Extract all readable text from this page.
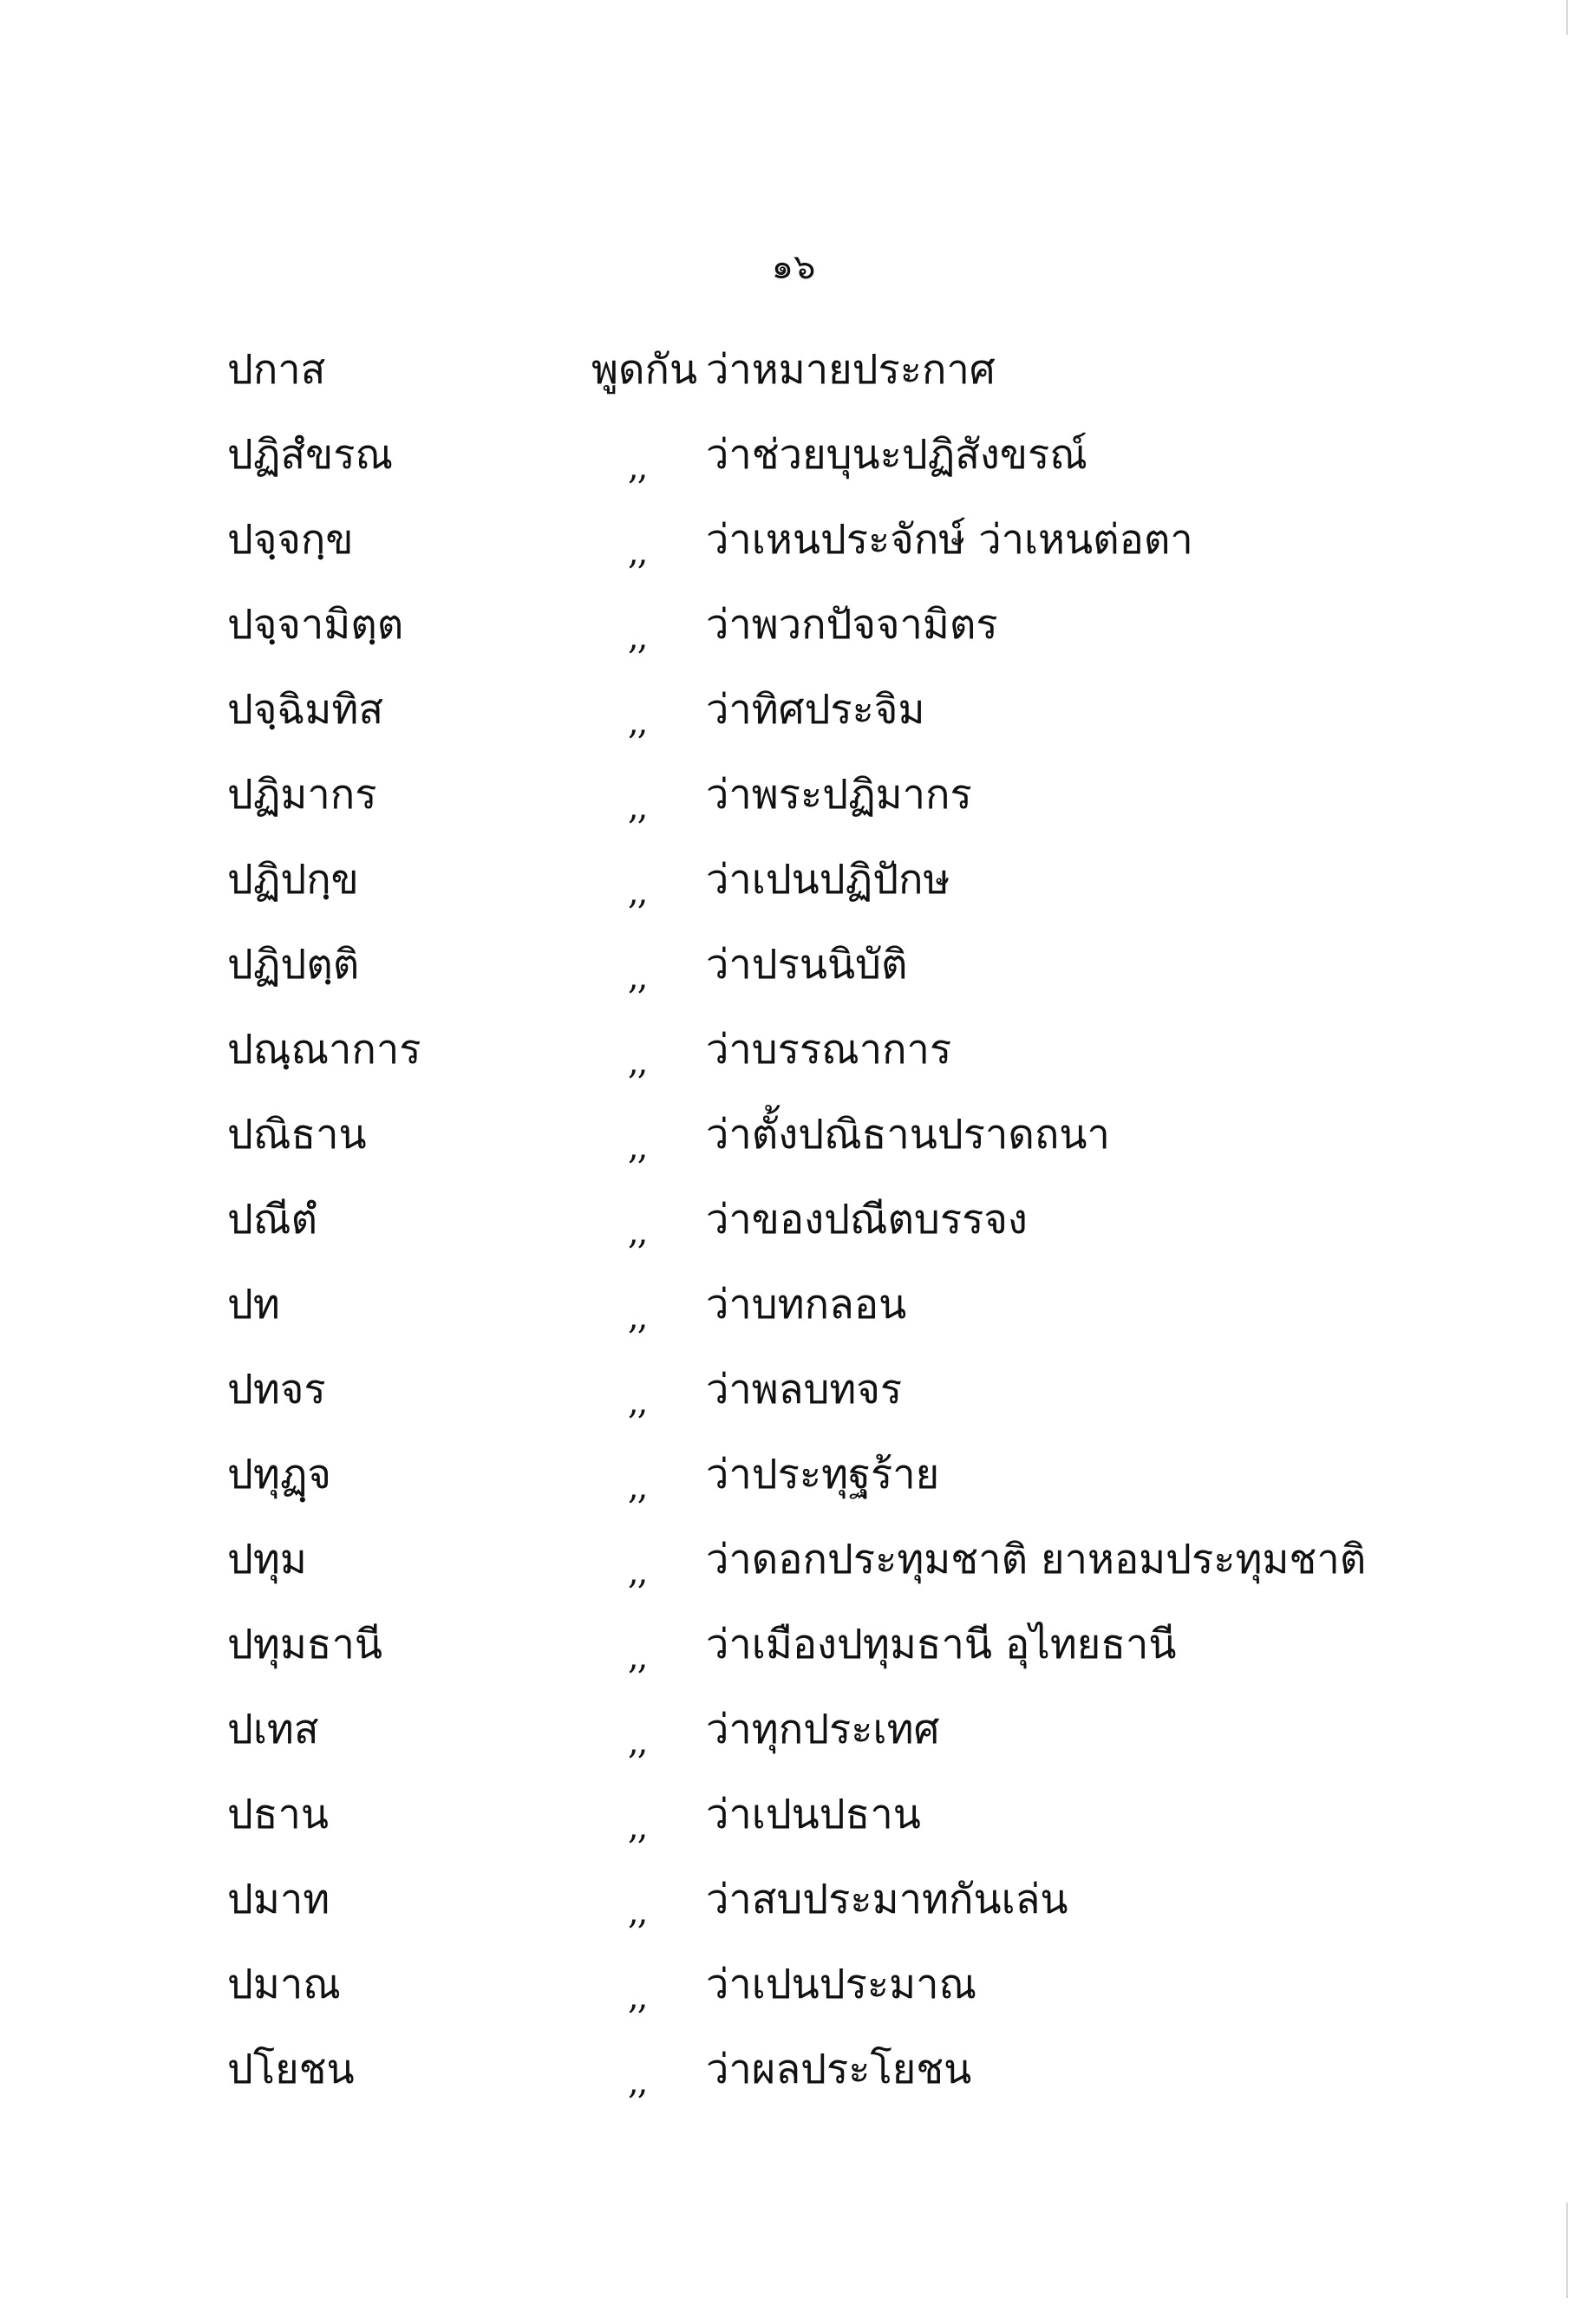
๑๖
ปกาส	พูดกัน ว่าหมายประกาศ
ปฏิสํขรณ	,, ว่าช่วยบุนะปฏิสังขรณ์
ปจฺจกฺข	,, ว่าเหนประจักษ์ ว่าเหนต่อตา
ปจฺจามิตฺต	,, ว่าพวกปัจจามิตร
ปจฺฉิมทิส	,, ว่าทิศประจิม
ปฏิมากร	,, ว่าพระปฏิมากร
ปฏิปกฺข	,, ว่าเปนปฏิปักษ
ปฏิปตฺติ	,, ว่าปรนนิบัติ
ปณฺณาการ	,, ว่าบรรณาการ
ปณิธาน	,, ว่าตั้งปณิธานปราดถนา
ปณีตํ	,, ว่าของปณีตบรรจง
ปท	,, ว่าบทกลอน
ปทจร	,, ว่าพลบทจร
ปทุฏฺจ	,, ว่าประทุฐร้าย
ปทุม	,, ว่าดอกประทุมชาติ ยาหอมประทุมชาติ
ปทุมธานี	,, ว่าเมืองปทุมธานี อุไทยธานี
ปเทส	,, ว่าทุกประเทศ
ปธาน	,, ว่าเปนปธาน
ปมาท	,, ว่าสบประมาทกันเล่น
ปมาณ	,, ว่าเปนประมาณ
ปโยชน	,, ว่าผลประโยชน
